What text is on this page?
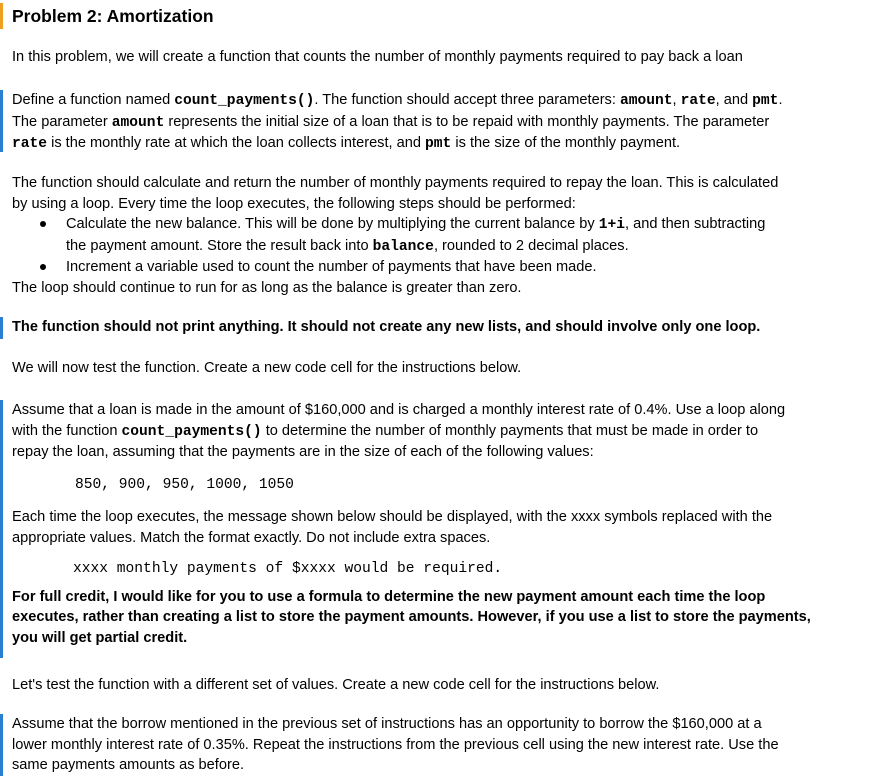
Problem 2: Amortization

In this problem, we will create a function that counts the number of monthly payments required to pay back a loan

Define a function named count_payments(). The function should accept three parameters: amount, rate, and pmt.

The parameter amount represents the initial size of a loan that is to be repaid with monthly payments. The parameter

rate is the monthly rate at which the loan collects interest, and pmt is the size of the monthly payment.

The function should calculate and return the number of monthly payments required to repay the loan. This is calculated

by using a loop. Every time the loop executes, the following steps should be performed:

Calculate the new balance. This will be done by multiplying the current balance by 1+i, and then subtracting

the payment amount. Store the result back into balance, rounded to 2 decimal places.

Increment a variable used to count the number of payments that have been made.

The loop should continue to run for as long as the balance is greater than zero.

The function should not print anything. It should not create any new lists, and should involve only one loop.

We will now test the function. Create a new code cell for the instructions below.

Assume that a loan is made in the amount of $160,000 and is charged a monthly interest rate of 0.4%. Use a loop along

with the function count_payments() to determine the number of monthly payments that must be made in order to

repay the loan, assuming that the payments are in the size of each of the following values:

850, 900, 950, 1000, 1050

Each time the loop executes, the message shown below should be displayed, with the xxxx symbols replaced with the

appropriate values. Match the format exactly. Do not include extra spaces.

xxxx monthly payments of $xxxx would be required.

For full credit, I would like for you to use a formula to determine the new payment amount each time the loop

executes, rather than creating a list to store the payment amounts. However, if you use a list to store the payments,

you will get partial credit.

Let's test the function with a different set of values. Create a new code cell for the instructions below.

Assume that the borrow mentioned in the previous set of instructions has an opportunity to borrow the $160,000 at a

lower monthly interest rate of 0.35%. Repeat the instructions from the previous cell using the new interest rate. Use the

same payments amounts as before.
